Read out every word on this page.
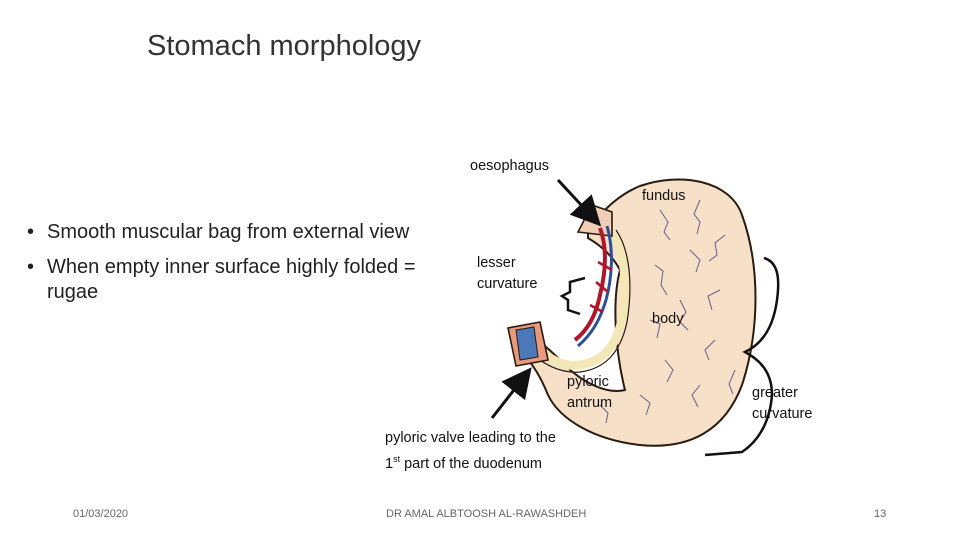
Stomach morphology
• Smooth muscular bag from external view
• When empty inner surface highly folded = rugae
oesophagus
fundus
lesser
curvature
body
pyloric
antrum
greater
curvature
pyloric valve leading to the
1st part of the duodenum
01/03/2020	DR AMAL ALBTOOSH AL-RAWASHDEH	13
